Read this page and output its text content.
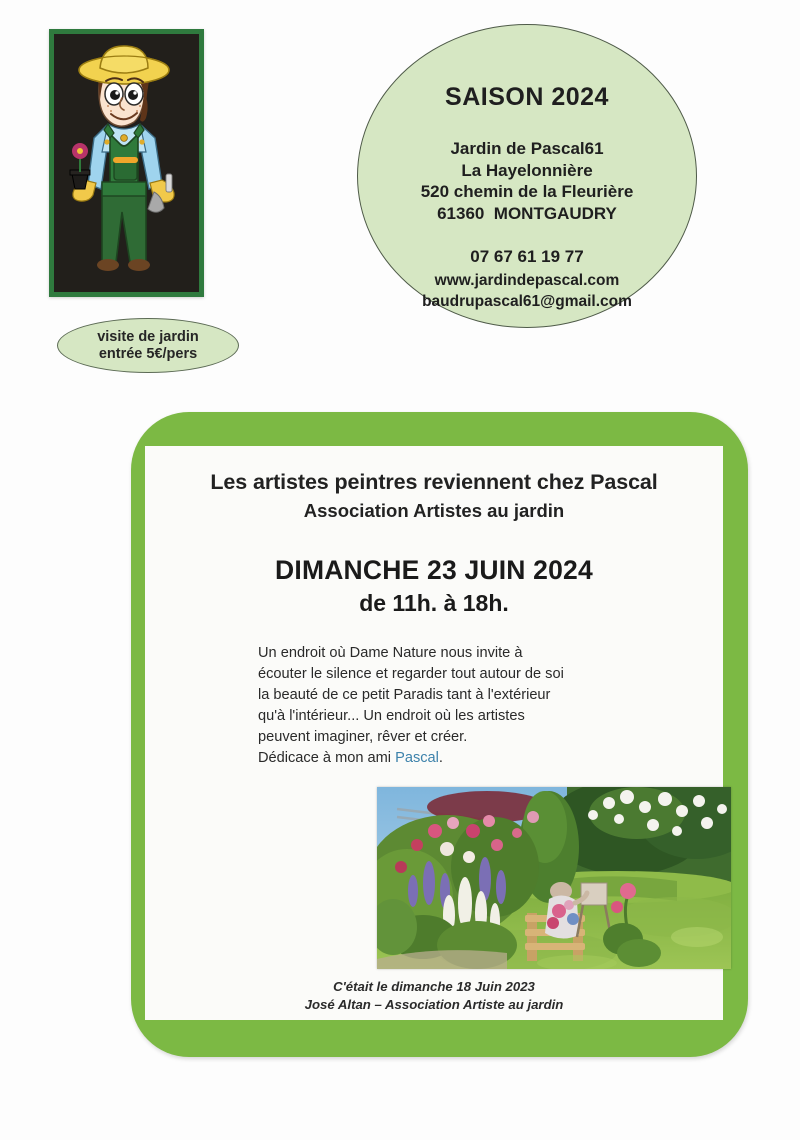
visite de jardin
entrée 5€/pers
SAISON 2024
Jardin de Pascal61
La Hayelonnière
520 chemin de la Fleurière
61360  MONTGAUDRY
07 67 61 19 77
www.jardindepascal.com
baudrupascal61@gmail.com
Les artistes peintres reviennent chez Pascal
Association Artistes au jardin
DIMANCHE 23 JUIN 2024
de 11h. à 18h.
Un endroit où Dame Nature nous invite à
écouter le silence et regarder tout autour de soi
la beauté de ce petit Paradis tant à l'extérieur
qu'à l'intérieur... Un endroit où les artistes
peuvent imaginer, rêver et créer.
Dédicace à mon ami Pascal.
C'était le dimanche 18 Juin 2023
José Altan – Association Artiste au jardin
